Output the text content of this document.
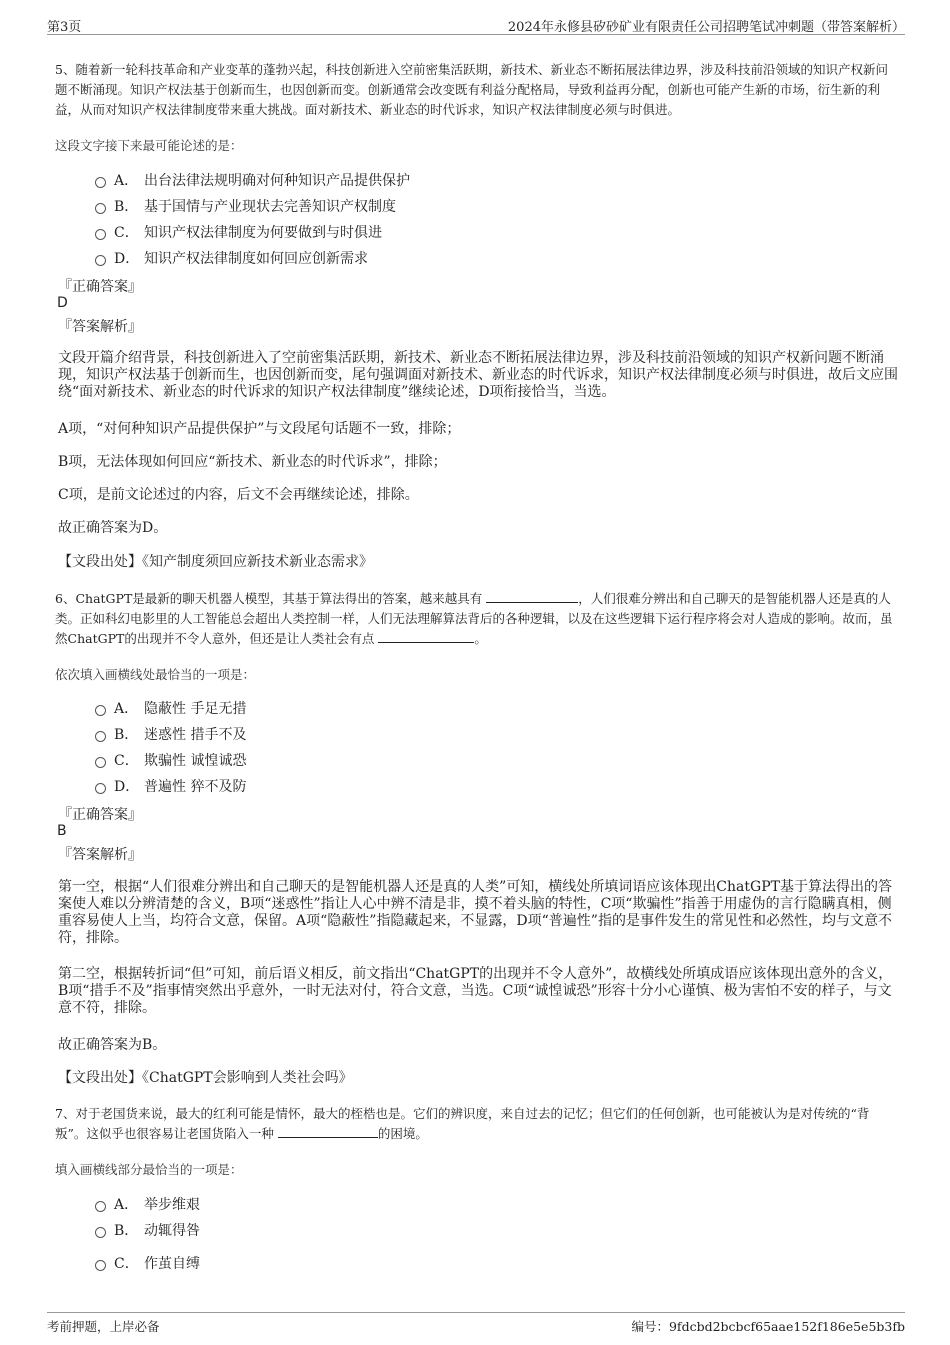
第3页	2024年永修县矽砂矿业有限责任公司招聘笔试冲刺题（带答案解析）
5、随着新一轮科技革命和产业变革的蓬勃兴起，科技创新进入空前密集活跃期，新技术、新业态不断拓展法律边界，涉及科技前沿领域的知识产权新问题不断涌现。知识产权法基于创新而生，也因创新而变。创新通常会改变既有利益分配格局，导致利益再分配，创新也可能产生新的市场，衍生新的利益，从而对知识产权法律制度带来重大挑战。面对新技术、新业态的时代诉求，知识产权法律制度必须与时俱进。
这段文字接下来最可能论述的是：
A． 出台法律法规明确对何种知识产品提供保护
B． 基于国情与产业现状去完善知识产权制度
C． 知识产权法律制度为何要做到与时俱进
D． 知识产权法律制度如何回应创新需求
『正确答案』
D
『答案解析』
文段开篇介绍背景，科技创新进入了空前密集活跃期，新技术、新业态不断拓展法律边界，涉及科技前沿领域的知识产权新问题不断涌现，知识产权法基于创新而生，也因创新而变，尾句强调面对新技术、新业态的时代诉求，知识产权法律制度必须与时俱进，故后文应围绕“面对新技术、新业态的时代诉求的知识产权法律制度”继续论述，D项衔接恰当，当选。
A项，“对何种知识产品提供保护”与文段尾句话题不一致，排除；
B项，无法体现如何回应“新技术、新业态的时代诉求”，排除；
C项，是前文论述过的内容，后文不会再继续论述，排除。
故正确答案为D。
【文段出处】《知产制度须回应新技术新业态需求》
6、ChatGPT是最新的聊天机器人模型，其基于算法得出的答案，越来越具有	，人们很难分辨出和自己聊天的是智能机器人还是真的人类。正如科幻电影里的人工智能总会超出人类控制一样，人们无法理解算法背后的各种逻辑，以及在这些逻辑下运行程序将会对人造成的影响。故而，虽然ChatGPT的出现并不令人意外，但还是让人类社会有点	。
依次填入画横线处最恰当的一项是：
A． 隐蔽性 手足无措
B． 迷惑性 措手不及
C． 欺骗性 诚惶诚恐
D． 普遍性 猝不及防
『正确答案』
B
『答案解析』
第一空，根据“人们很难分辨出和自己聊天的是智能机器人还是真的人类”可知，横线处所填词语应该体现出ChatGPT基于算法得出的答案使人难以分辨清楚的含义，B项“迷惑性”指让人心中辨不清是非，摸不着头脑的特性，C项“欺骗性”指善于用虚伪的言行隐瞒真相，侧重容易使人上当，均符合文意，保留。A项“隐蔽性”指隐藏起来，不显露，D项“普遍性”指的是事件发生的常见性和必然性，均与文意不符，排除。
第二空，根据转折词“但”可知，前后语义相反，前文指出“ChatGPT的出现并不令人意外”，故横线处所填成语应该体现出意外的含义，B项“措手不及”指事情突然出乎意外，一时无法对付，符合文意，当选。C项“诚惶诚恐”形容十分小心谨慎、极为害怕不安的样子，与文意不符，排除。
故正确答案为B。
【文段出处】《ChatGPT会影响到人类社会吗》
7、对于老国货来说，最大的红利可能是情怀，最大的桎梏也是。它们的辨识度，来自过去的记忆；但它们的任何创新，也可能被认为是对传统的“背叛”。这似乎也很容易让老国货陷入一种	的困境。
填入画横线部分最恰当的一项是：
A． 举步维艰
B． 动辄得咎
C． 作茧自缚
考前押题，上岸必备	编号：9fdcbd2bcbcf65aae152f186e5e5b3fb
